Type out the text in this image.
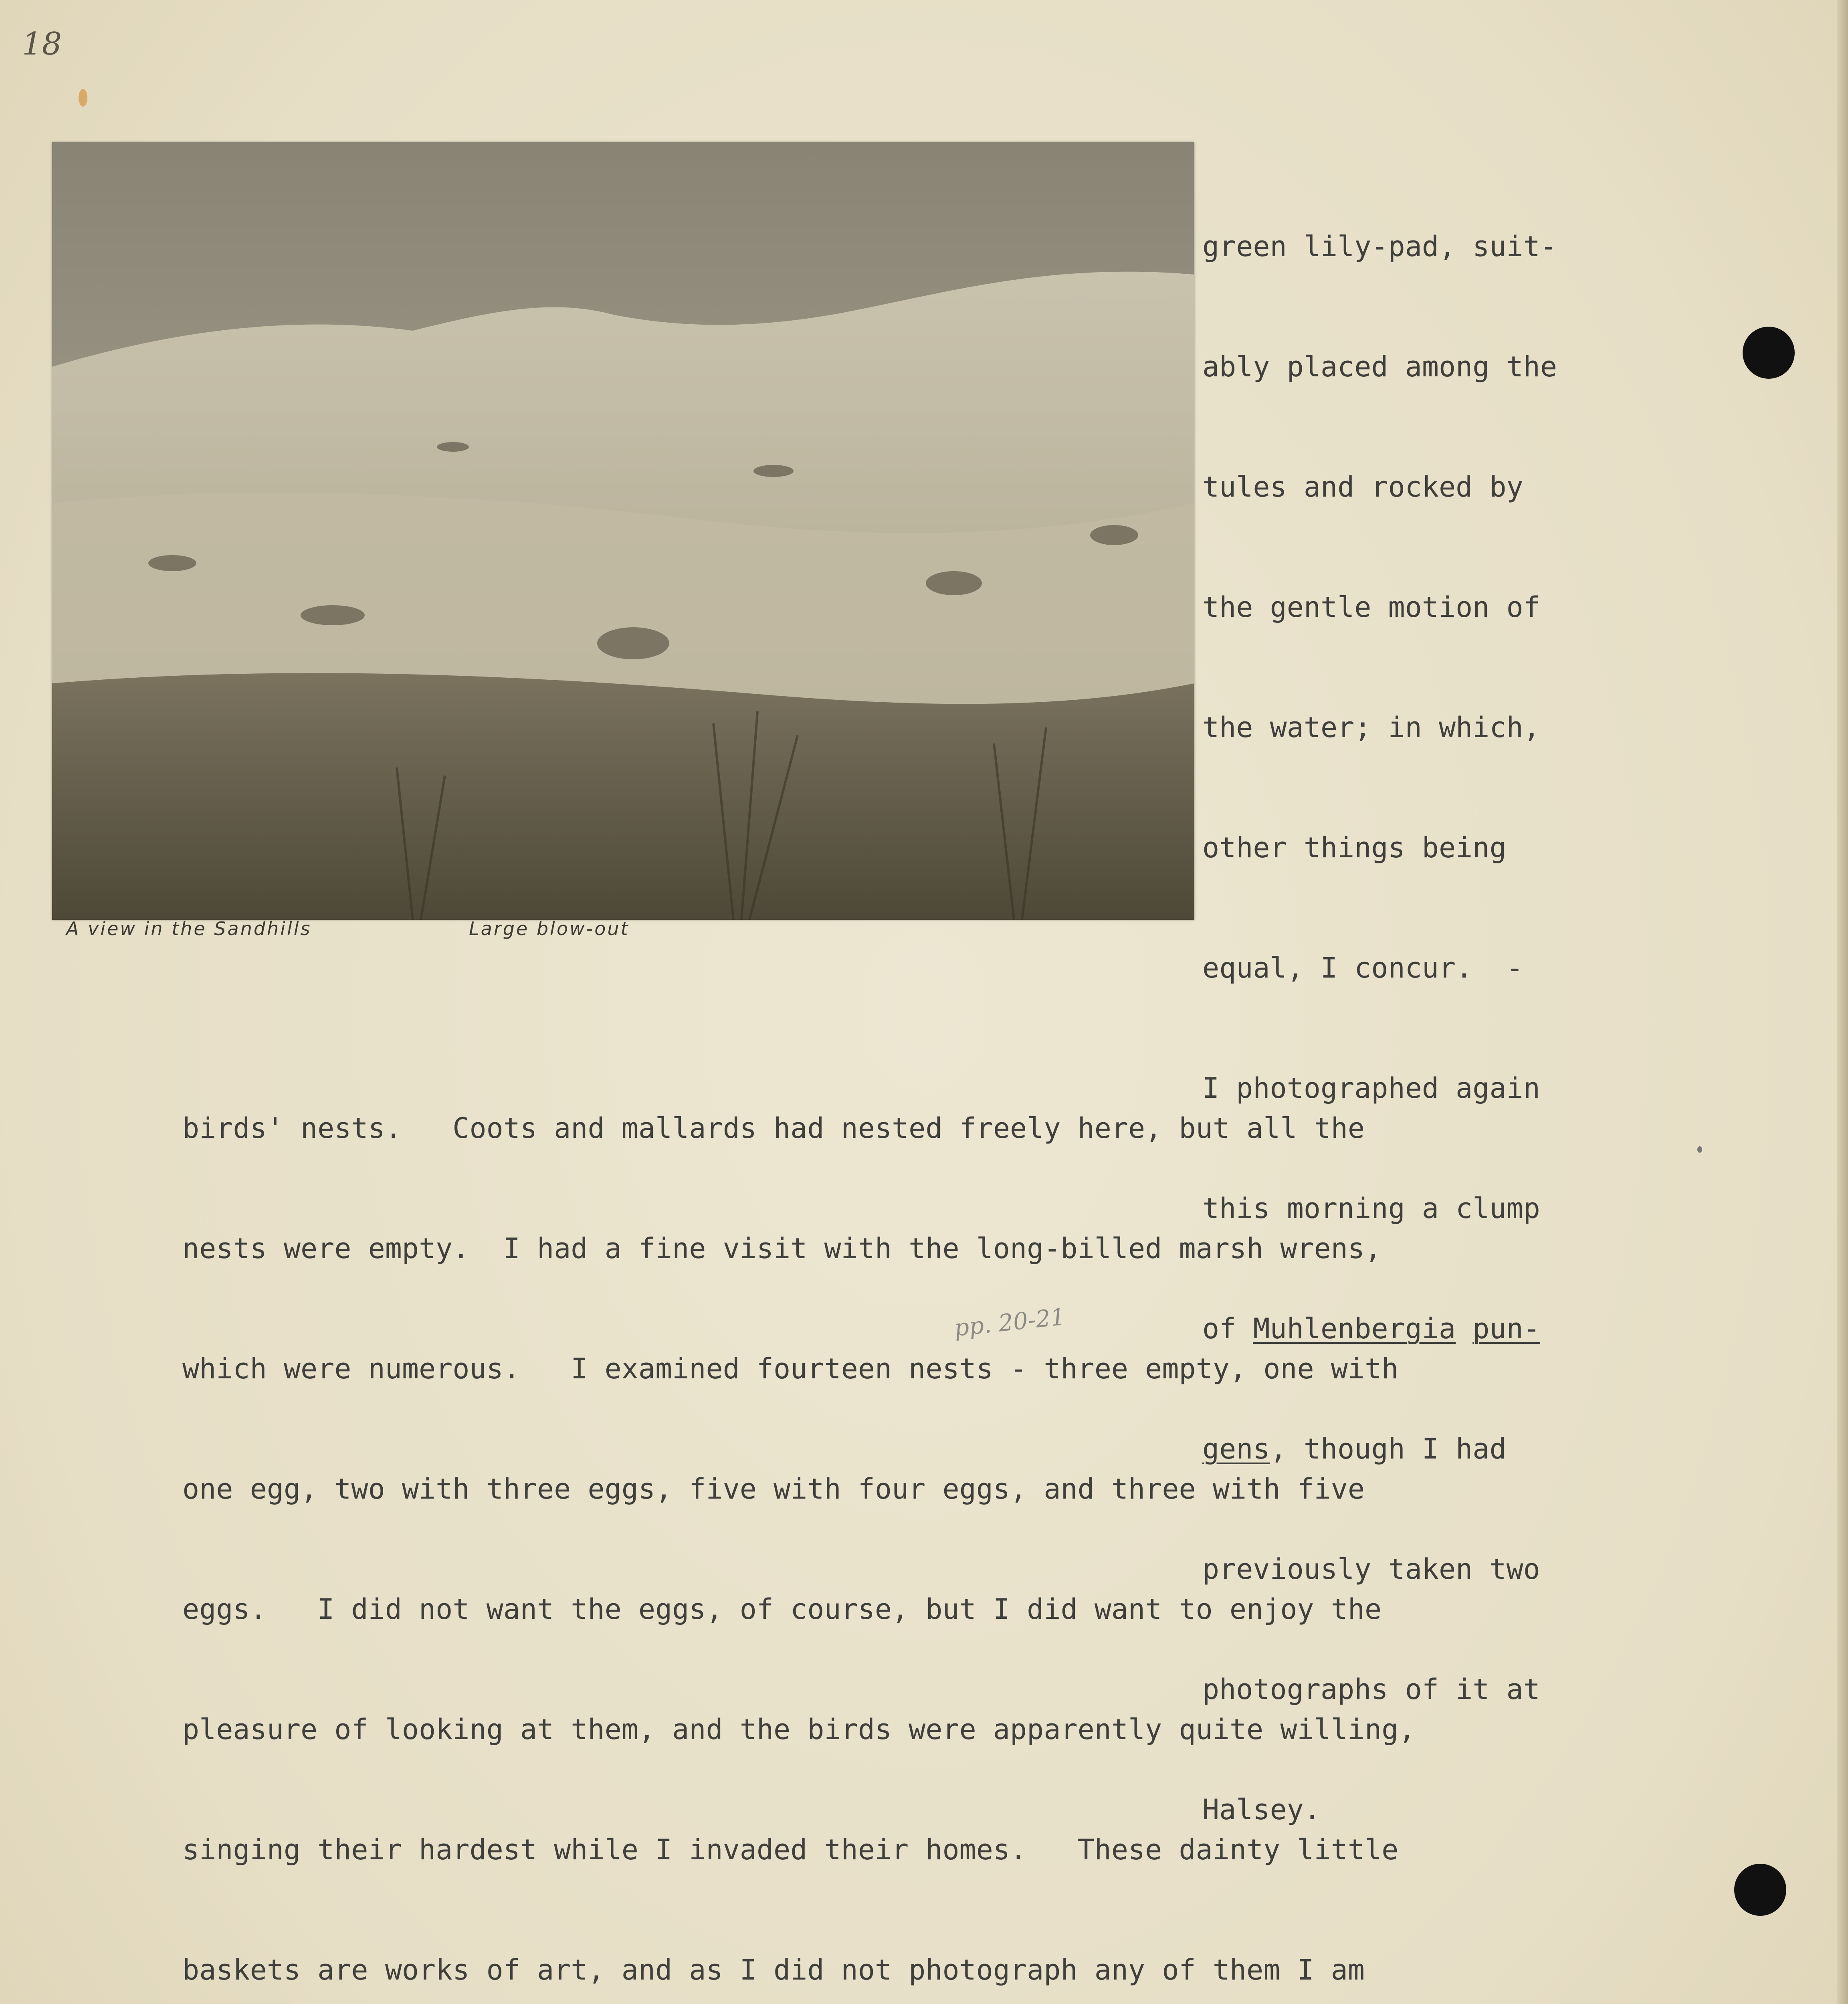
18
A view in the Sandhills	Large blow-out

green lily-pad, suit-

ably placed among the

tules and rocked by

the gentle motion of

the water; in which,

other things being

equal, I concur.  -

I photographed again

this morning a clump

of Muhlenbergia pun-

gens, though I had

previously taken two

photographs of it at

Halsey.

birds' nests.   Coots and mallards had nested freely here, but all the

nests were empty.  I had a fine visit with the long-billed marsh wrens,

which were numerous.   I examined fourteen nests - three empty, one with

one egg, two with three eggs, five with four eggs, and three with five

eggs.   I did not want the eggs, of course, but I did want to enjoy the

pleasure of looking at them, and the birds were apparently quite willing,

singing their hardest while I invaded their homes.   These dainty little

baskets are works of art, and as I did not photograph any of them I am

pp. 20-21
